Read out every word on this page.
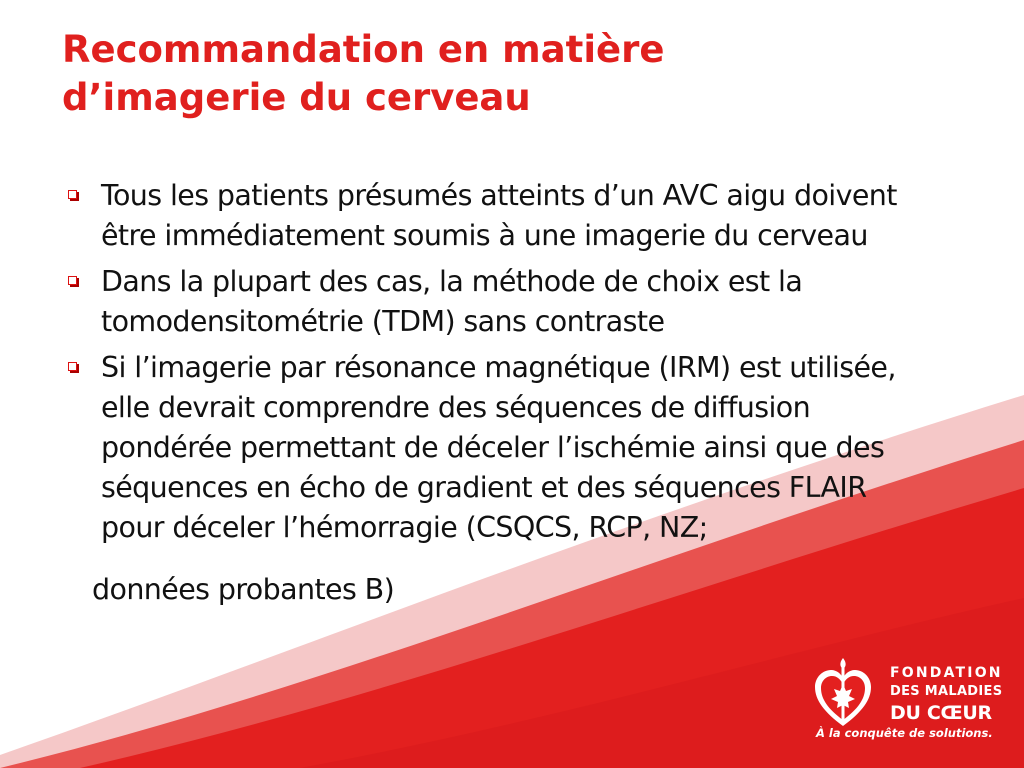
Recommandation en matière
d’imagerie du cerveau
Tous les patients présumés atteints d’un AVC aigu doivent
être immédiatement soumis à une imagerie du cerveau
Dans la plupart des cas, la méthode de choix est la
tomodensitométrie (TDM) sans contraste
Si l’imagerie par résonance magnétique (IRM) est utilisée,
elle devrait comprendre des séquences de diffusion
pondérée permettant de déceler l’ischémie ainsi que des
séquences en écho de gradient et des séquences FLAIR
pour déceler l’hémorragie (CSQCS, RCP, NZ;
données probantes B)
FONDATION
DES MALADIES
DU CŒUR
À la conquête de solutions.
